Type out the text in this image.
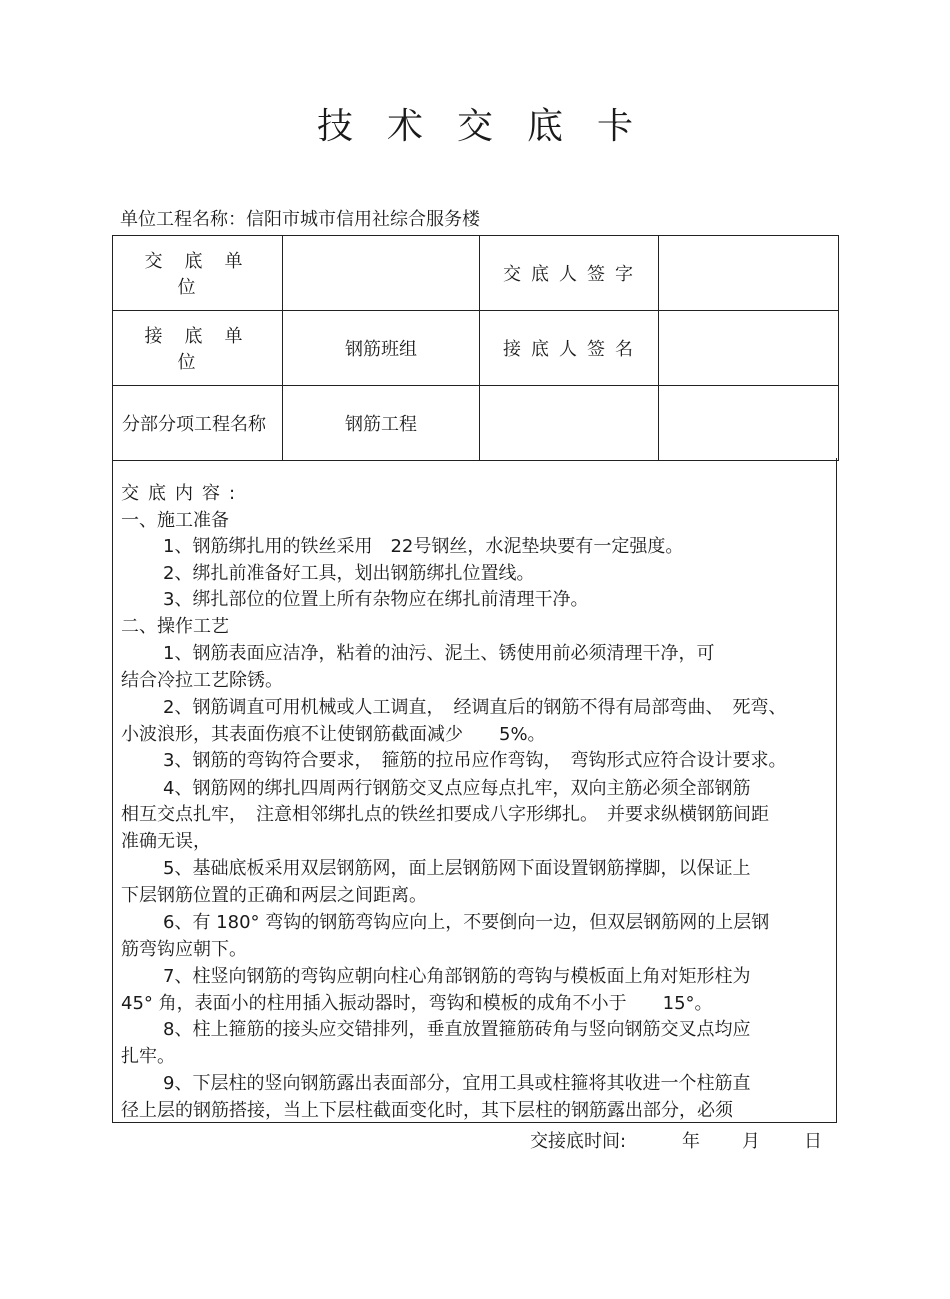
技术交底卡
单位工程名称：信阳市城市信用社综合服务楼
交底单位		交底人签字	
接底单位	钢筋班组	接底人签名	
分部分项工程名称	钢筋工程		

交底内容:

一、施工准备

1、钢筋绑扎用的铁丝采用　22号钢丝，水泥垫块要有一定强度。

2、绑扎前准备好工具，划出钢筋绑扎位置线。

3、绑扎部位的位置上所有杂物应在绑扎前清理干净。

二、操作工艺

1、钢筋表面应洁净，粘着的油污、泥土、锈使用前必须清理干净，可

结合冷拉工艺除锈。

2、钢筋调直可用机械或人工调直，　经调直后的钢筋不得有局部弯曲、　死弯、

小波浪形，其表面伤痕不让使钢筋截面减少　　5%。

3、钢筋的弯钩符合要求，　箍筋的拉吊应作弯钩，　弯钩形式应符合设计要求。

4、钢筋网的绑扎四周两行钢筋交叉点应每点扎牢，双向主筋必须全部钢筋

相互交点扎牢，　注意相邻绑扎点的铁丝扣要成八字形绑扎。　并要求纵横钢筋间距

准确无误，

5、基础底板采用双层钢筋网，面上层钢筋网下面设置钢筋撑脚，以保证上

下层钢筋位置的正确和两层之间距离。

6、有 180° 弯钩的钢筋弯钩应向上，不要倒向一边，但双层钢筋网的上层钢

筋弯钩应朝下。

7、柱竖向钢筋的弯钩应朝向柱心角部钢筋的弯钩与模板面上角对矩形柱为

45° 角，表面小的柱用插入振动器时，弯钩和模板的成角不小于　　15°。

8、柱上箍筋的接头应交错排列，垂直放置箍筋砖角与竖向钢筋交叉点均应

扎牢。

9、下层柱的竖向钢筋露出表面部分，宜用工具或柱箍将其收进一个柱筋直

径上层的钢筋搭接，当上下层柱截面变化时，其下层柱的钢筋露出部分，必须

交接底时间:	年 月 日
